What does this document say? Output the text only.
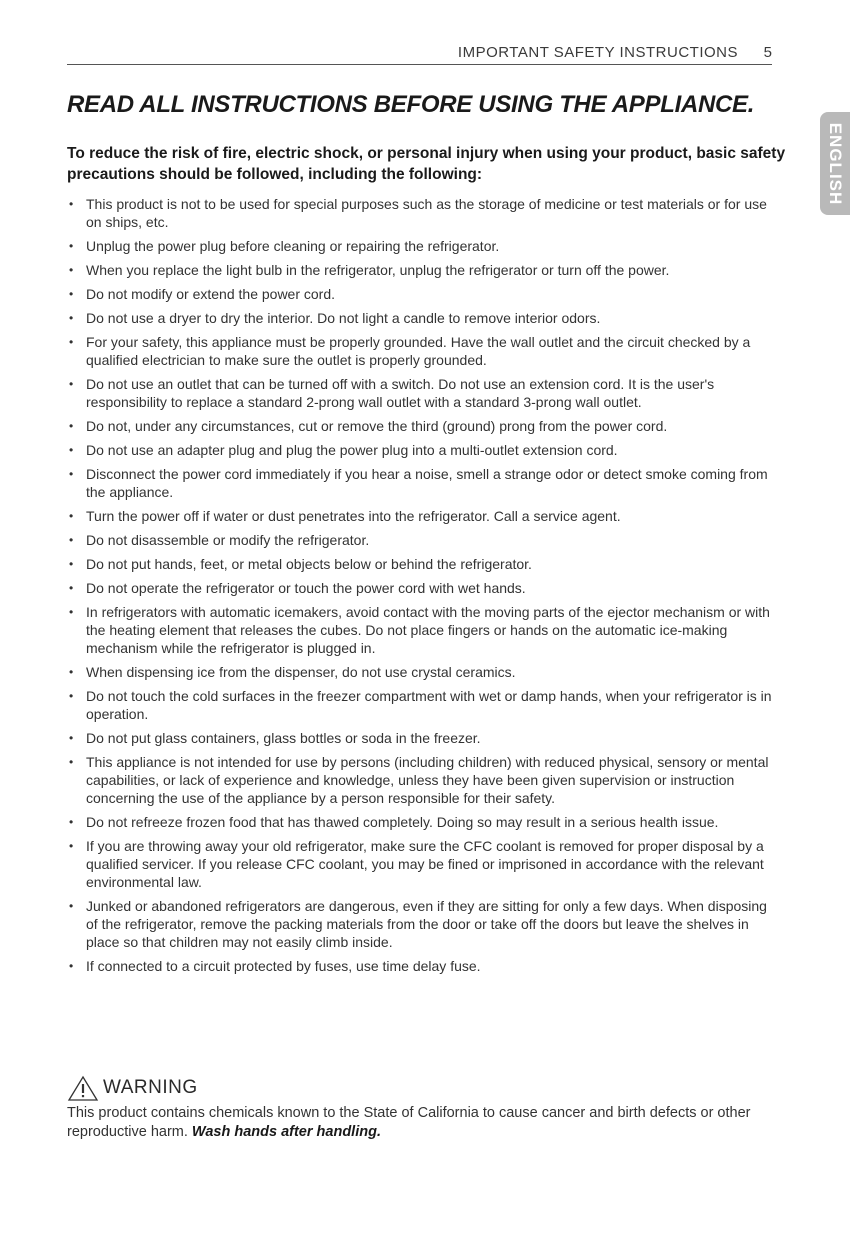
IMPORTANT SAFETY INSTRUCTIONS 5
ENGLISH
READ ALL INSTRUCTIONS BEFORE USING THE APPLIANCE.

To reduce the risk of fire, electric shock, or personal injury when using your product, basic safety precautions should be followed, including the following:

• This product is not to be used for special purposes such as the storage of medicine or test materials or for use on ships, etc.
• Unplug the power plug before cleaning or repairing the refrigerator.
• When you replace the light bulb in the refrigerator, unplug the refrigerator or turn off the power.
• Do not modify or extend the power cord.
• Do not use a dryer to dry the interior. Do not light a candle to remove interior odors.
• For your safety, this appliance must be properly grounded. Have the wall outlet and the circuit checked by a qualified electrician to make sure the outlet is properly grounded.
• Do not use an outlet that can be turned off with a switch. Do not use an extension cord. It is the user's responsibility to replace a standard 2-prong wall outlet with a standard 3-prong wall outlet.
• Do not, under any circumstances, cut or remove the third (ground) prong from the power cord.
• Do not use an adapter plug and plug the power plug into a multi-outlet extension cord.
• Disconnect the power cord immediately if you hear a noise, smell a strange odor or detect smoke coming from the appliance.
• Turn the power off if water or dust penetrates into the refrigerator. Call a service agent.
• Do not disassemble or modify the refrigerator.
• Do not put hands, feet, or metal objects below or behind the refrigerator.
• Do not operate the refrigerator or touch the power cord with wet hands.
• In refrigerators with automatic icemakers, avoid contact with the moving parts of the ejector mechanism or with the heating element that releases the cubes. Do not place fingers or hands on the automatic ice-making mechanism while the refrigerator is plugged in.
• When dispensing ice from the dispenser, do not use crystal ceramics.
• Do not touch the cold surfaces in the freezer compartment with wet or damp hands, when your refrigerator is in operation.
• Do not put glass containers, glass bottles or soda in the freezer.
• This appliance is not intended for use by persons (including children) with reduced physical, sensory or mental capabilities, or lack of experience and knowledge, unless they have been given supervision or instruction concerning the use of the appliance by a person responsible for their safety.
• Do not refreeze frozen food that has thawed completely. Doing so may result in a serious health issue.
• If you are throwing away your old refrigerator, make sure the CFC coolant is removed for proper disposal by a qualified servicer. If you release CFC coolant, you may be fined or imprisoned in accordance with the relevant environmental law.
• Junked or abandoned refrigerators are dangerous, even if they are sitting for only a few days. When disposing of the refrigerator, remove the packing materials from the door or take off the doors but leave the shelves in place so that children may not easily climb inside.
• If connected to a circuit protected by fuses, use time delay fuse.
WARNING

This product contains chemicals known to the State of California to cause cancer and birth defects or other reproductive harm. Wash hands after handling.
